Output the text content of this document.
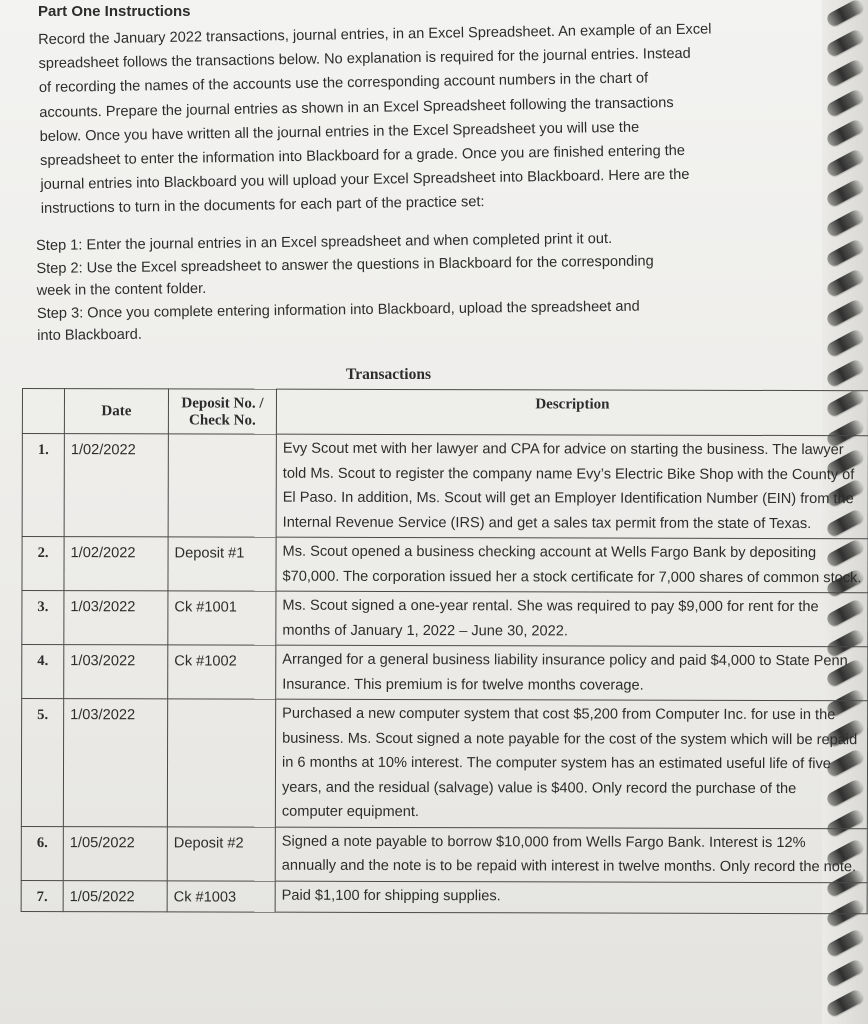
Part One Instructions

Record the January 2022 transactions, journal entries, in an Excel Spreadsheet. An example of an Excel

spreadsheet follows the transactions below. No explanation is required for the journal entries. Instead

of recording the names of the accounts use the corresponding account numbers in the chart of

accounts. Prepare the journal entries as shown in an Excel Spreadsheet following the transactions

below. Once you have written all the journal entries in the Excel Spreadsheet you will use the

spreadsheet to enter the information into Blackboard for a grade. Once you are finished entering the

journal entries into Blackboard you will upload your Excel Spreadsheet into Blackboard. Here are the

instructions to turn in the documents for each part of the practice set:

Step 1: Enter the journal entries in an Excel spreadsheet and when completed print it out.

Step 2: Use the Excel spreadsheet to answer the questions in Blackboard for the corresponding

week in the content folder.

Step 3: Once you complete entering information into Blackboard, upload the spreadsheet and

into Blackboard.

Transactions
	Date	Deposit No. / Check No.	Description
1.	1/02/2022		Evy Scout met with her lawyer and CPA for advice on starting the business. The lawyer told Ms. Scout to register the company name Evy’s Electric Bike Shop with the County of El Paso. In addition, Ms. Scout will get an Employer Identification Number (EIN) from the Internal Revenue Service (IRS) and get a sales tax permit from the state of Texas.
2.	1/02/2022	Deposit #1	Ms. Scout opened a business checking account at Wells Fargo Bank by depositing $70,000. The corporation issued her a stock certificate for 7,000 shares of common stock.
3.	1/03/2022	Ck #1001	Ms. Scout signed a one-year rental. She was required to pay $9,000 for rent for the months of January 1, 2022 – June 30, 2022.
4.	1/03/2022	Ck #1002	Arranged for a general business liability insurance policy and paid $4,000 to State Penn Insurance. This premium is for twelve months coverage.
5.	1/03/2022		Purchased a new computer system that cost $5,200 from Computer Inc. for use in the business. Ms. Scout signed a note payable for the cost of the system which will be repaid in 6 months at 10% interest. The computer system has an estimated useful life of five years, and the residual (salvage) value is $400. Only record the purchase of the computer equipment.
6.	1/05/2022	Deposit #2	Signed a note payable to borrow $10,000 from Wells Fargo Bank. Interest is 12% annually and the note is to be repaid with interest in twelve months. Only record the note.
7.	1/05/2022	Ck #1003	Paid $1,100 for shipping supplies.
